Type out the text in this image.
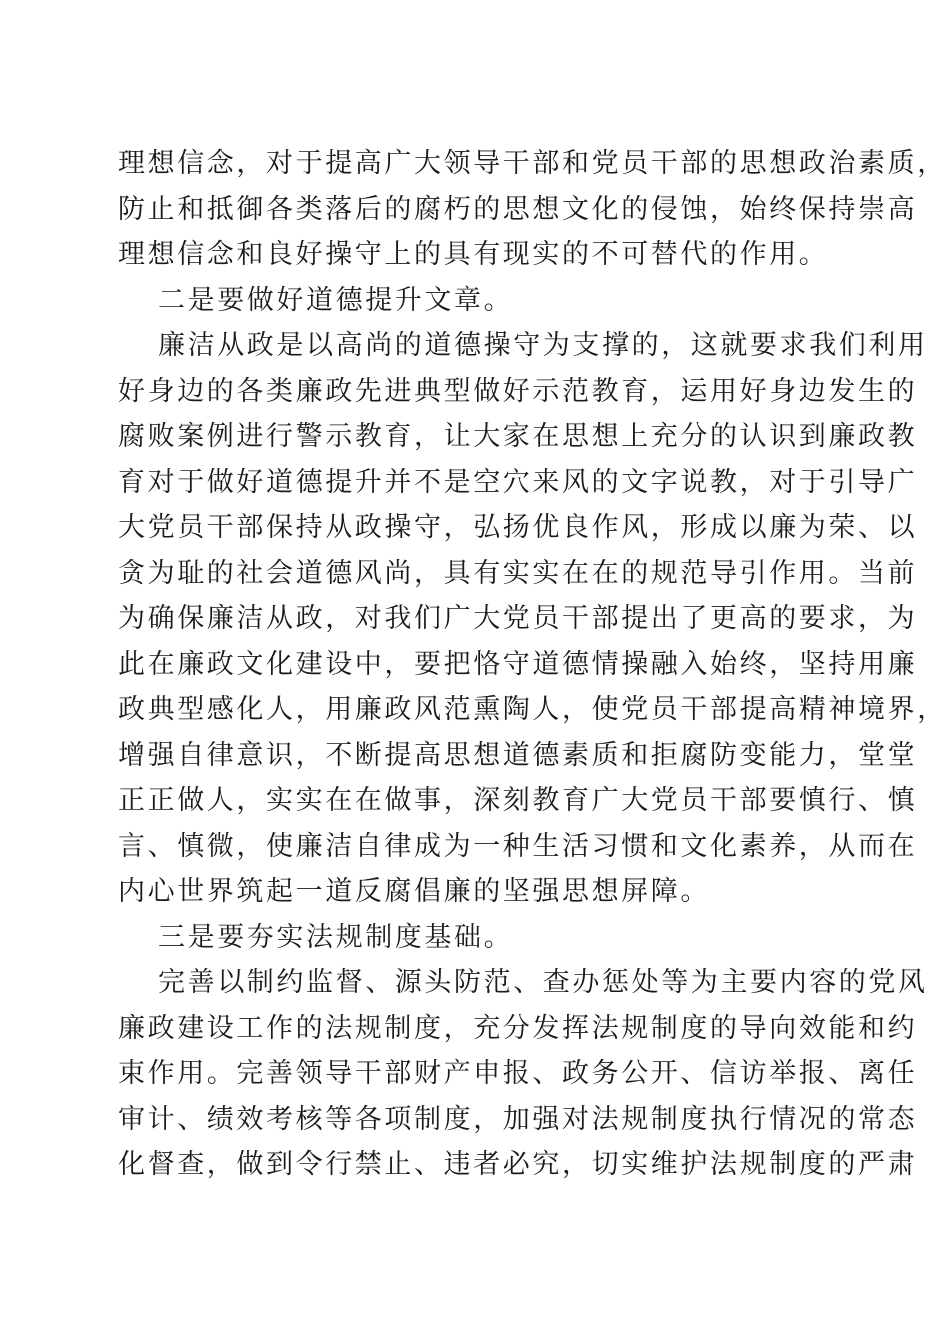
理想信念，对于提高广大领导干部和党员干部的思想政治素质，
防止和抵御各类落后的腐朽的思想文化的侵蚀，始终保持崇高
理想信念和良好操守上的具有现实的不可替代的作用。
二是要做好道德提升文章。
廉洁从政是以高尚的道德操守为支撑的，这就要求我们利用
好身边的各类廉政先进典型做好示范教育，运用好身边发生的
腐败案例进行警示教育，让大家在思想上充分的认识到廉政教
育对于做好道德提升并不是空穴来风的文字说教，对于引导广
大党员干部保持从政操守，弘扬优良作风，形成以廉为荣、以
贪为耻的社会道德风尚，具有实实在在的规范导引作用。当前
为确保廉洁从政，对我们广大党员干部提出了更高的要求，为
此在廉政文化建设中，要把恪守道德情操融入始终，坚持用廉
政典型感化人，用廉政风范熏陶人，使党员干部提高精神境界，
增强自律意识，不断提高思想道德素质和拒腐防变能力，堂堂
正正做人，实实在在做事，深刻教育广大党员干部要慎行、慎
言、慎微，使廉洁自律成为一种生活习惯和文化素养，从而在
内心世界筑起一道反腐倡廉的坚强思想屏障。
三是要夯实法规制度基础。
完善以制约监督、源头防范、查办惩处等为主要内容的党风
廉政建设工作的法规制度，充分发挥法规制度的导向效能和约
束作用。完善领导干部财产申报、政务公开、信访举报、离任
审计、绩效考核等各项制度，加强对法规制度执行情况的常态
化督查，做到令行禁止、违者必究，切实维护法规制度的严肃
